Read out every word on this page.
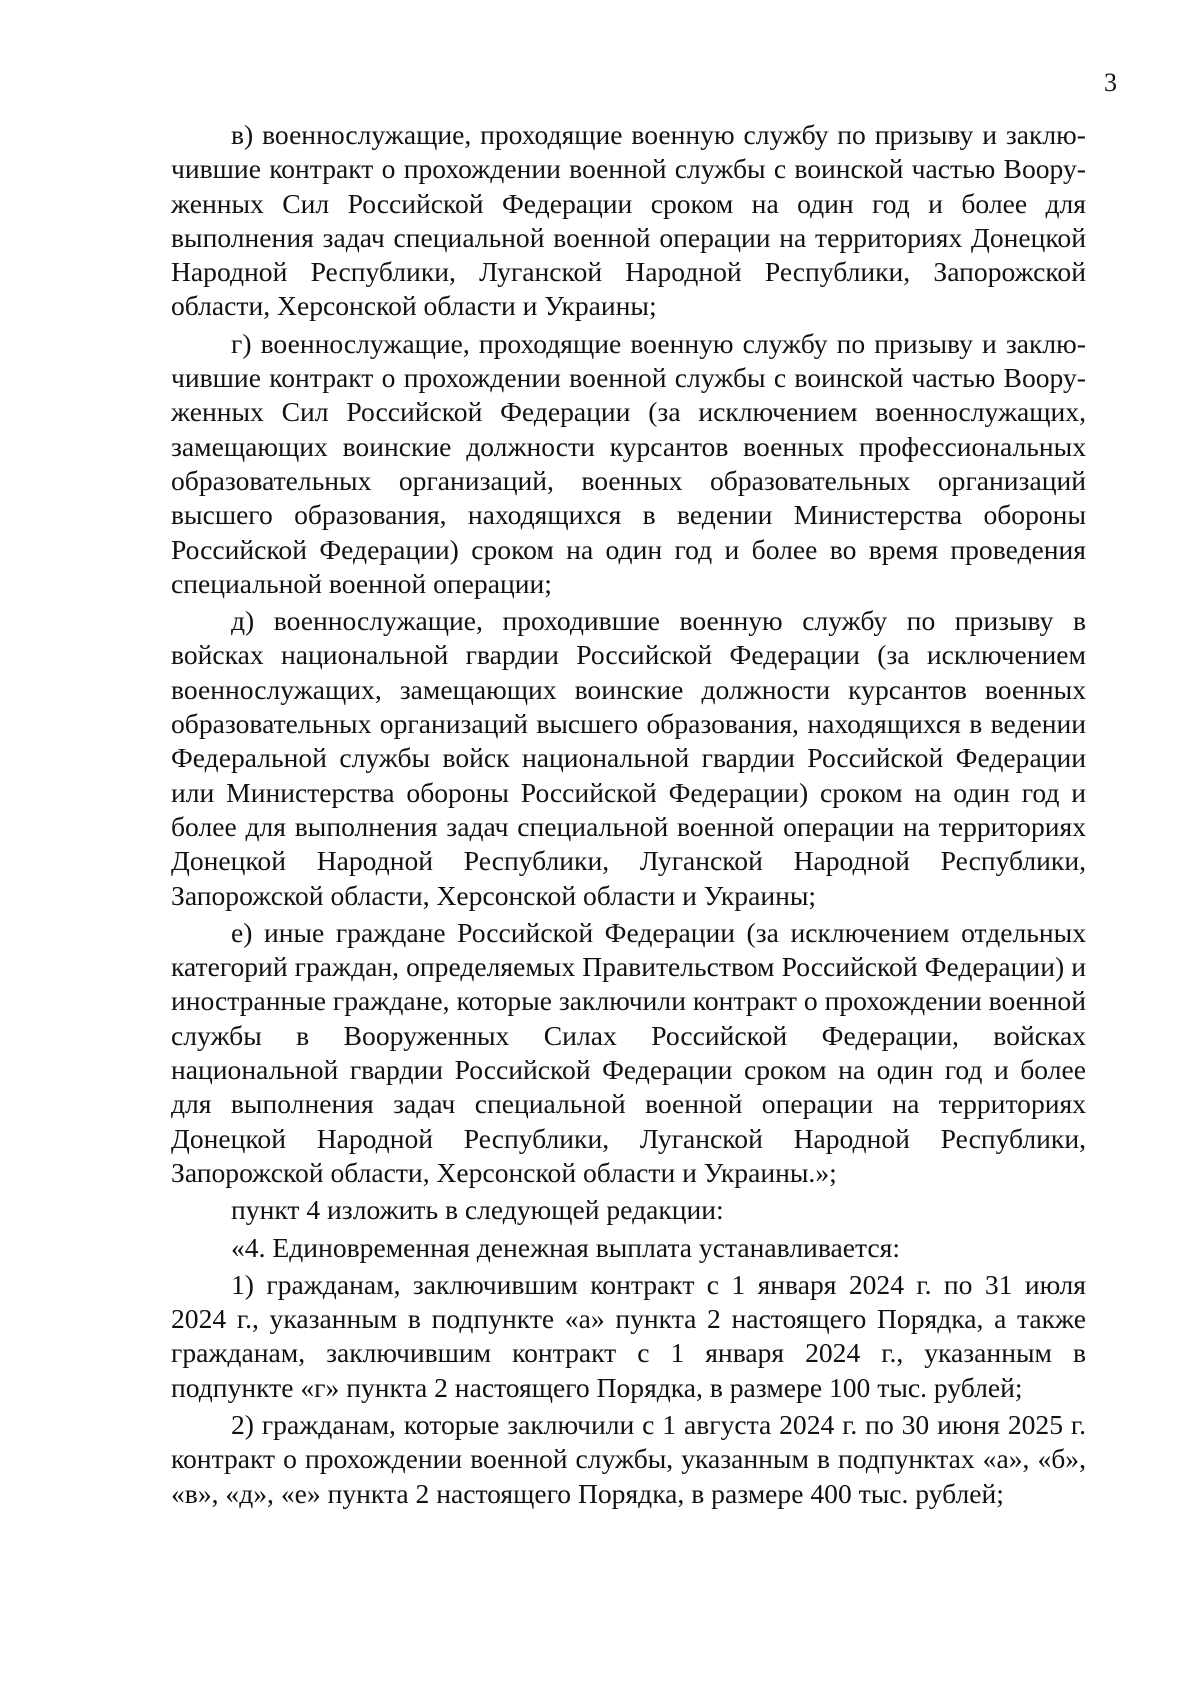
3

в) военнослужащие, проходящие военную службу по призыву и заключившие контракт о прохождении военной службы с воинской частью Вооруженных Сил Российской Федерации сроком на один год и более для выполнения задач специальной военной операции на территориях Донецкой Народной Республики, Луганской Народной Республики, Запорожской области, Херсонской области и Украины;

г) военнослужащие, проходящие военную службу по призыву и заключившие контракт о прохождении военной службы с воинской частью Вооруженных Сил Российской Федерации (за исключением военнослужащих, замещающих воинские должности курсантов военных профессиональных образовательных организаций, военных образовательных организаций высшего образования, находящихся в ведении Министерства обороны Российской Федерации) сроком на один год и более во время проведения специальной военной операции;

д) военнослужащие, проходившие военную службу по призыву в войсках национальной гвардии Российской Федерации (за исключением военнослужащих, замещающих воинские должности курсантов военных образовательных организаций высшего образования, находящихся в ведении Федеральной службы войск национальной гвардии Российской Федерации или Министерства обороны Российской Федерации) сроком на один год и более для выполнения задач специальной военной операции на территориях Донецкой Народной Республики, Луганской Народной Республики, Запорожской области, Херсонской области и Украины;

е) иные граждане Российской Федерации (за исключением отдельных категорий граждан, определяемых Правительством Российской Федерации) и иностранные граждане, которые заключили контракт о прохождении военной службы в Вооруженных Силах Российской Федерации, войсках национальной гвардии Российской Федерации сроком на один год и более для выполнения задач специальной военной операции на территориях Донецкой Народной Республики, Луганской Народной Республики, Запорожской области, Херсонской области и Украины.»;

пункт 4 изложить в следующей редакции:

«4. Единовременная денежная выплата устанавливается:

1) гражданам, заключившим контракт с 1 января 2024 г. по 31 июля 2024 г., указанным в подпункте «а» пункта 2 настоящего Порядка, а также гражданам, заключившим контракт с 1 января 2024 г., указанным в подпункте «г» пункта 2 настоящего Порядка, в размере 100 тыс. рублей;

2) гражданам, которые заключили с 1 августа 2024 г. по 30 июня 2025 г. контракт о прохождении военной службы, указанным в подпунктах «а», «б», «в», «д», «е» пункта 2 настоящего Порядка, в размере 400 тыс. рублей;
